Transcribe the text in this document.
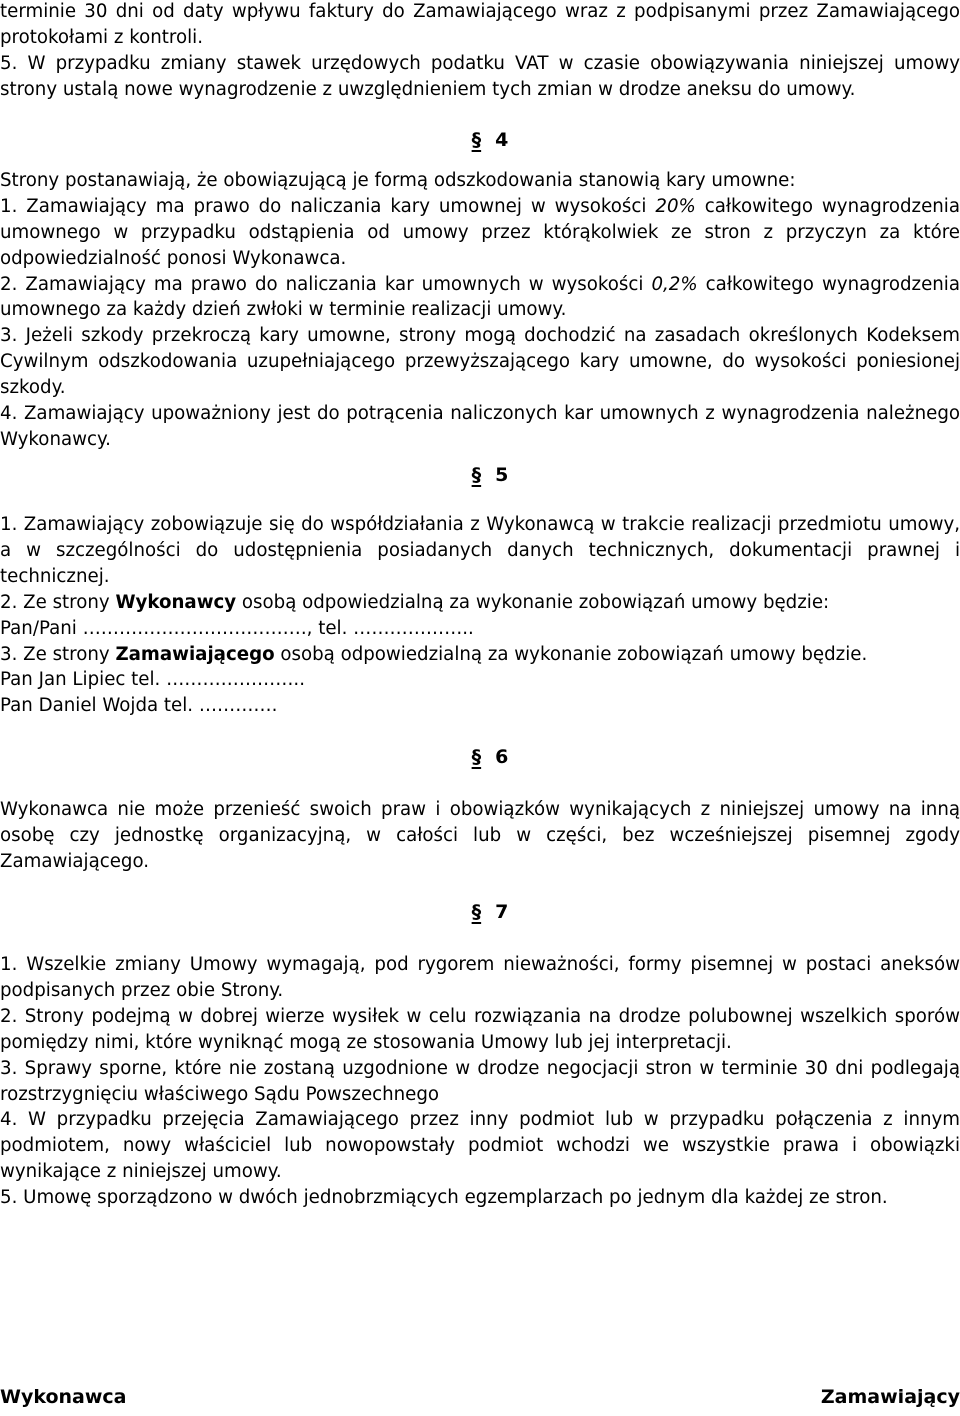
terminie 30 dni od daty wpływu faktury do Zamawiającego wraz z podpisanymi przez Zamawiającego protokołami z kontroli.

5. W przypadku zmiany stawek urzędowych podatku VAT w czasie obowiązywania niniejszej umowy strony ustalą nowe wynagrodzenie z uwzględnieniem tych zmian w drodze aneksu do umowy.

§ 4

Strony postanawiają, że obowiązującą je formą odszkodowania stanowią kary umowne:

1. Zamawiający ma prawo do naliczania kary umownej w wysokości 20% całkowitego wynagrodzenia umownego w przypadku odstąpienia od umowy przez którąkolwiek ze stron z przyczyn za które odpowiedzialność ponosi Wykonawca.

2. Zamawiający ma prawo do naliczania kar umownych w wysokości 0,2% całkowitego wynagrodzenia umownego za każdy dzień zwłoki w terminie realizacji umowy.

3. Jeżeli szkody przekroczą kary umowne, strony mogą dochodzić na zasadach określonych Kodeksem Cywilnym odszkodowania uzupełniającego przewyższającego kary umowne, do wysokości poniesionej szkody.

4. Zamawiający upoważniony jest do potrącenia naliczonych kar umownych z wynagrodzenia należnego Wykonawcy.

§ 5

1. Zamawiający zobowiązuje się do współdziałania z Wykonawcą w trakcie realizacji przedmiotu umowy, a w szczególności do udostępnienia posiadanych danych technicznych, dokumentacji prawnej i technicznej.

2. Ze strony Wykonawcy osobą odpowiedzialną za wykonanie zobowiązań umowy będzie:

Pan/Pani ………………………………., tel. ………………..

3. Ze strony Zamawiającego osobą odpowiedzialną za wykonanie zobowiązań umowy będzie.

Pan Jan Lipiec tel. …………………..

Pan Daniel Wojda tel. ………….

§ 6

Wykonawca nie może przenieść swoich praw i obowiązków wynikających z niniejszej umowy na inną osobę czy jednostkę organizacyjną, w całości lub w części, bez wcześniejszej pisemnej zgody Zamawiającego.

§ 7

1. Wszelkie zmiany Umowy wymagają, pod rygorem nieważności, formy pisemnej w postaci aneksów podpisanych przez obie Strony.

2. Strony podejmą w dobrej wierze wysiłek w celu rozwiązania na drodze polubownej wszelkich sporów pomiędzy nimi, które wyniknąć mogą ze stosowania Umowy lub jej interpretacji.

3. Sprawy sporne, które nie zostaną uzgodnione w drodze negocjacji stron w terminie 30 dni podlegają rozstrzygnięciu właściwego Sądu Powszechnego

4. W przypadku przejęcia Zamawiającego przez inny podmiot lub w przypadku połączenia z innym podmiotem, nowy właściciel lub nowopowstały podmiot wchodzi we wszystkie prawa i obowiązki wynikające z niniejszej umowy.

5. Umowę sporządzono w dwóch jednobrzmiących egzemplarzach po jednym dla każdej ze stron.

Wykonawca	Zamawiający
